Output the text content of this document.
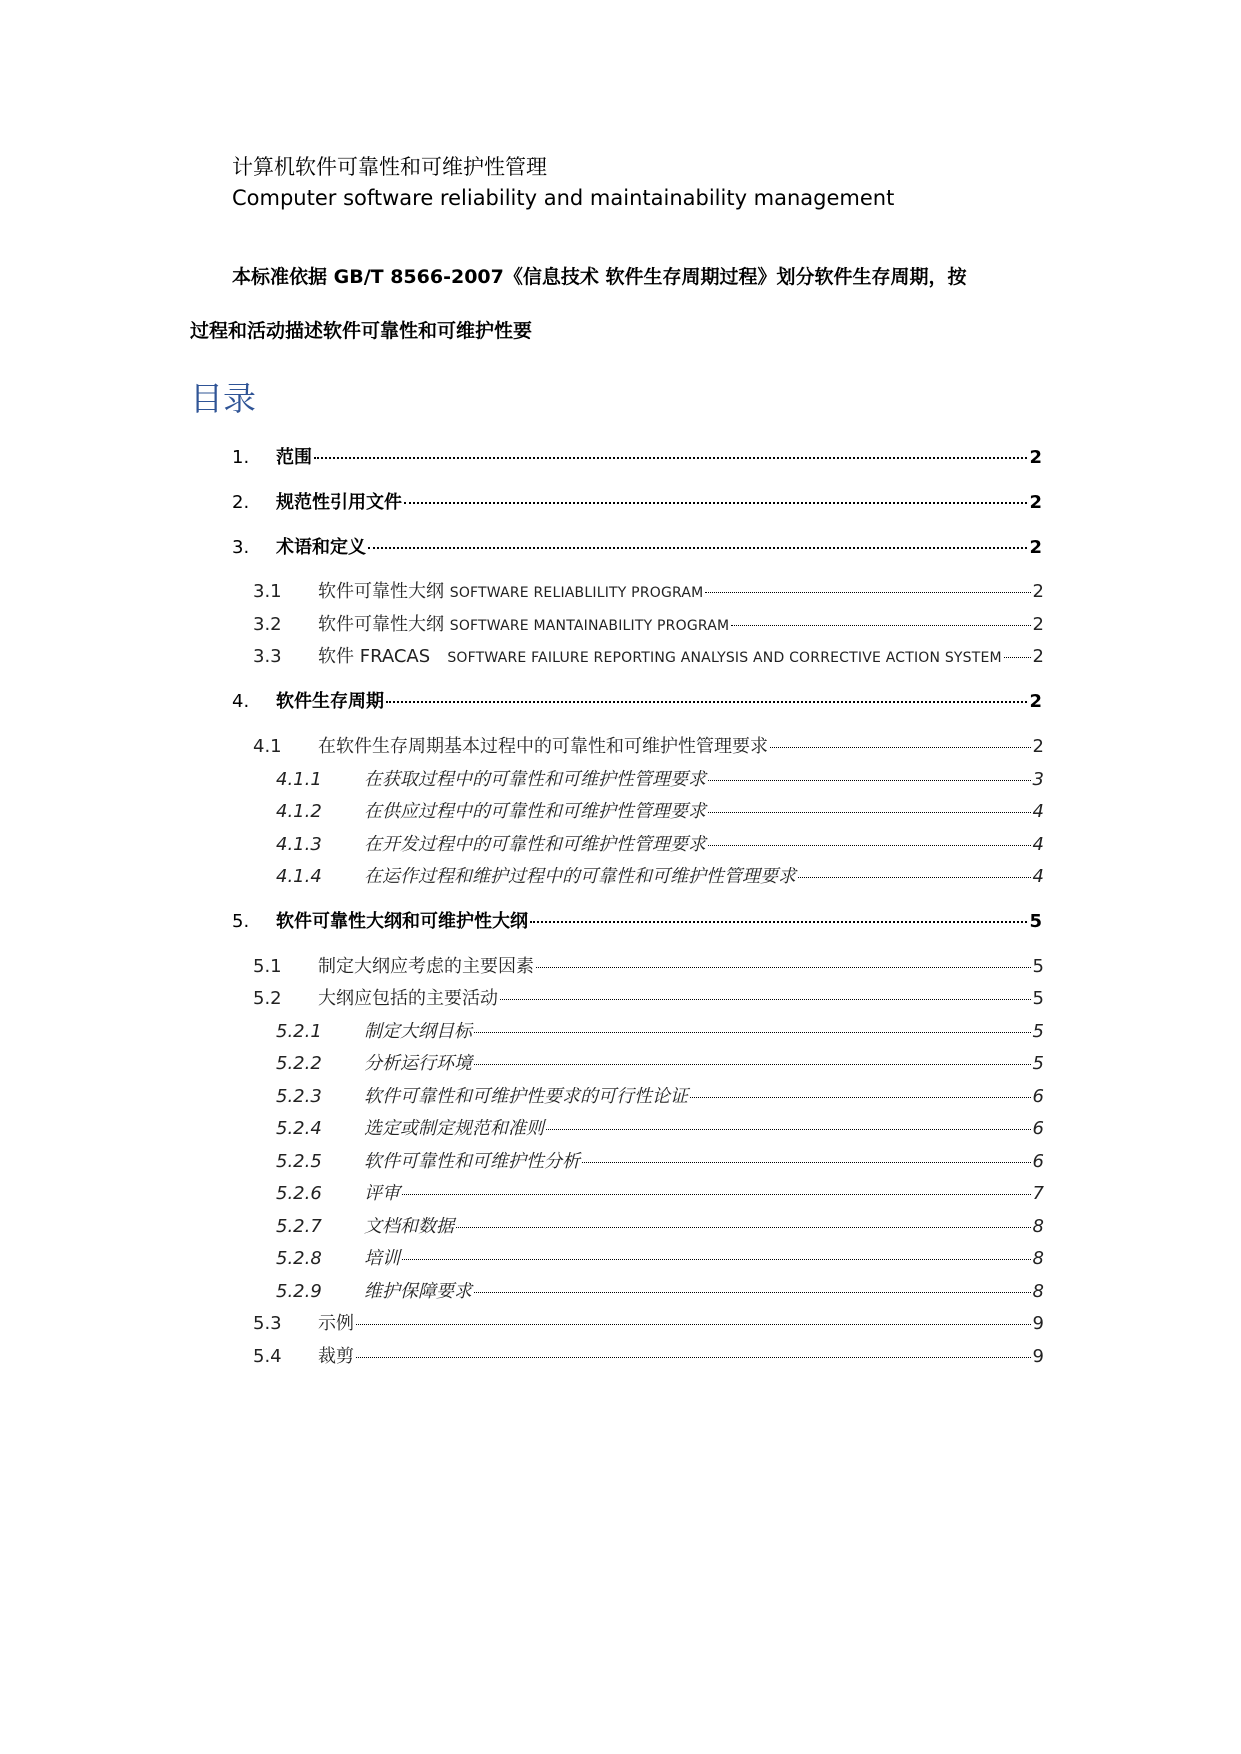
计算机软件可靠性和可维护性管理
Computer software reliability and maintainability management
本标准依据 GB/T 8566-2007《信息技术 软件生存周期过程》划分软件生存周期，按
过程和活动描述软件可靠性和可维护性要
目录
1.	范围	2
2.	规范性引用文件	2
3.	术语和定义	2
3.1	软件可靠性大纲 SOFTWARE RELIABLILITY PROGRAM	2
3.2	软件可靠性大纲 SOFTWARE MANTAINABILITY PROGRAM	2
3.3	软件 FRACAS SOFTWARE FAILURE REPORTING ANALYSIS AND CORRECTIVE ACTION SYSTEM 2
4.	软件生存周期	2
4.1	在软件生存周期基本过程中的可靠性和可维护性管理要求	2
4.1.1	在获取过程中的可靠性和可维护性管理要求	3
4.1.2	在供应过程中的可靠性和可维护性管理要求	4
4.1.3	在开发过程中的可靠性和可维护性管理要求	4
4.1.4	在运作过程和维护过程中的可靠性和可维护性管理要求	4
5.	软件可靠性大纲和可维护性大纲	5
5.1	制定大纲应考虑的主要因素	5
5.2	大纲应包括的主要活动	5
5.2.1	制定大纲目标	5
5.2.2	分析运行环境	5
5.2.3	软件可靠性和可维护性要求的可行性论证	6
5.2.4	选定或制定规范和准则	6
5.2.5	软件可靠性和可维护性分析	6
5.2.6	评审	7
5.2.7	文档和数据	8
5.2.8	培训	8
5.2.9	维护保障要求	8
5.3	示例	9
5.4	裁剪	9
